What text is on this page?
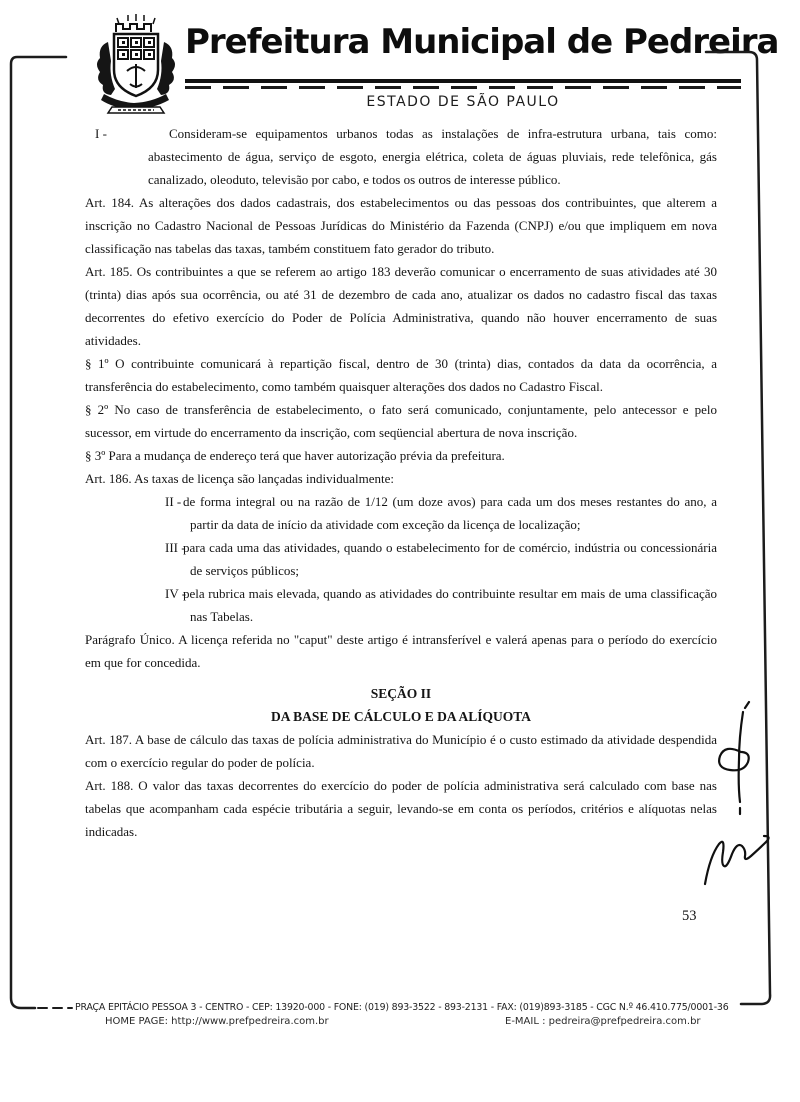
Prefeitura Municipal de Pedreira
ESTADO DE SÃO PAULO

I -	Consideram-se equipamentos urbanos todas as instalações de infra-estrutura urbana, tais como: abastecimento de água, serviço de esgoto, energia elétrica, coleta de águas pluviais, rede telefônica, gás canalizado, oleoduto, televisão por cabo, e todos os outros de interesse público.

Art. 184. As alterações dos dados cadastrais, dos estabelecimentos ou das pessoas dos contribuintes, que alterem a inscrição no Cadastro Nacional de Pessoas Jurídicas do Ministério da Fazenda (CNPJ) e/ou que impliquem em nova classificação nas tabelas das taxas, também constituem fato gerador do tributo.

Art. 185. Os contribuintes a que se referem ao artigo 183 deverão comunicar o encerramento de suas atividades até 30 (trinta) dias após sua ocorrência, ou até 31 de dezembro de cada ano, atualizar os dados no cadastro fiscal das taxas decorrentes do efetivo exercício do Poder de Polícia Administrativa, quando não houver encerramento de suas atividades.

§ 1º O contribuinte comunicará à repartição fiscal, dentro de 30 (trinta) dias, contados da data da ocorrência, a transferência do estabelecimento, como também quaisquer alterações dos dados no Cadastro Fiscal.

§ 2º No caso de transferência de estabelecimento, o fato será comunicado, conjuntamente, pelo antecessor e pelo sucessor, em virtude do encerramento da inscrição, com seqüencial abertura de nova inscrição.

§ 3º Para a mudança de endereço terá que haver autorização prévia da prefeitura.

Art. 186. As taxas de licença são lançadas individualmente:

II - de forma integral ou na razão de 1/12 (um doze avos) para cada um dos meses restantes do ano, a partir da data de início da atividade com exceção da licença de localização;

III -
para cada uma das atividades, quando o estabelecimento for de comércio, indústria ou concessionária de serviços públicos;

IV -
pela rubrica mais elevada, quando as atividades do contribuinte resultar em mais de uma classificação nas Tabelas.

Parágrafo Único. A licença referida no "caput" deste artigo é intransferível e valerá apenas para o período do exercício em que for concedida.

SEÇÃO II

DA BASE DE CÁLCULO E DA ALÍQUOTA

Art. 187. A base de cálculo das taxas de polícia administrativa do Município é o custo estimado da atividade despendida com o exercício regular do poder de polícia.

Art. 188. O valor das taxas decorrentes do exercício do poder de polícia administrativa será calculado com base nas tabelas que acompanham cada espécie tributária a seguir, levando-se em conta os períodos, critérios e alíquotas nelas indicadas.

53
PRAÇA EPITÁCIO PESSOA 3 - CENTRO - CEP: 13920-000 - FONE: (019) 893-3522 - 893-2131 - FAX: (019)893-3185 - CGC N.º 46.410.775/0001-36
HOME PAGE: http://www.prefpedreira.com.br	E-MAIL : pedreira@prefpedreira.com.br
